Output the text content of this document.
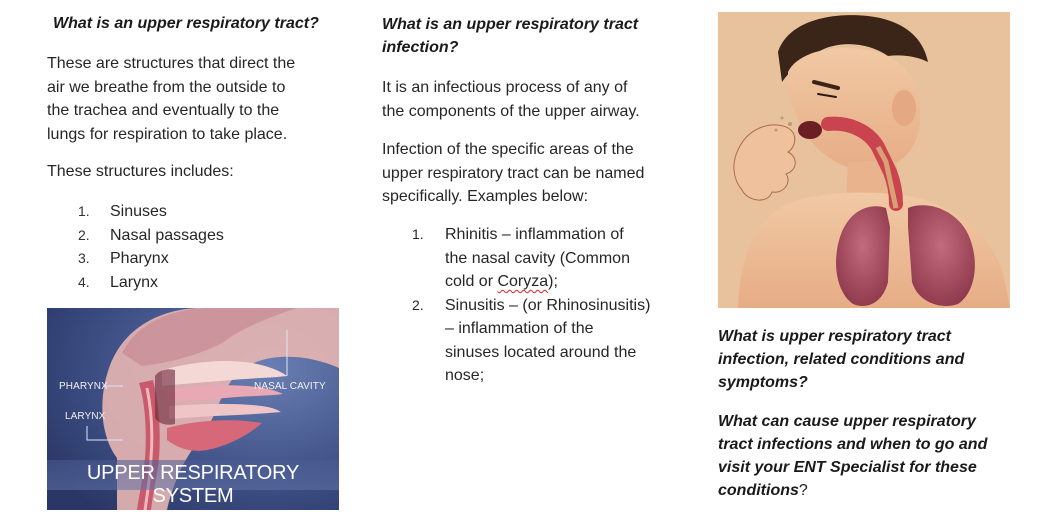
What is an upper respiratory tract?
These are structures that direct the
air we breathe from the outside to
the trachea and eventually to the
lungs for respiration to take place.
These structures includes:
1. Sinuses
2. Nasal passages
3. Pharynx
4. Larynx
PHARYNX	NASAL CAVITY
LARYNX
UPPER RESPIRATORY SYSTEM
What is an upper respiratory tract
infection?
It is an infectious process of any of
the components of the upper airway.
Infection of the specific areas of the
upper respiratory tract can be named
specifically. Examples below:
1. Rhinitis – inflammation of
the nasal cavity (Common
cold or Coryza);
2. Sinusitis – (or Rhinosinusitis)
– inflammation of the
sinuses located around the
nose;
What is upper respiratory tract
infection, related conditions and
symptoms?
What can cause upper respiratory
tract infections and when to go and
visit your ENT Specialist for these
conditions?
